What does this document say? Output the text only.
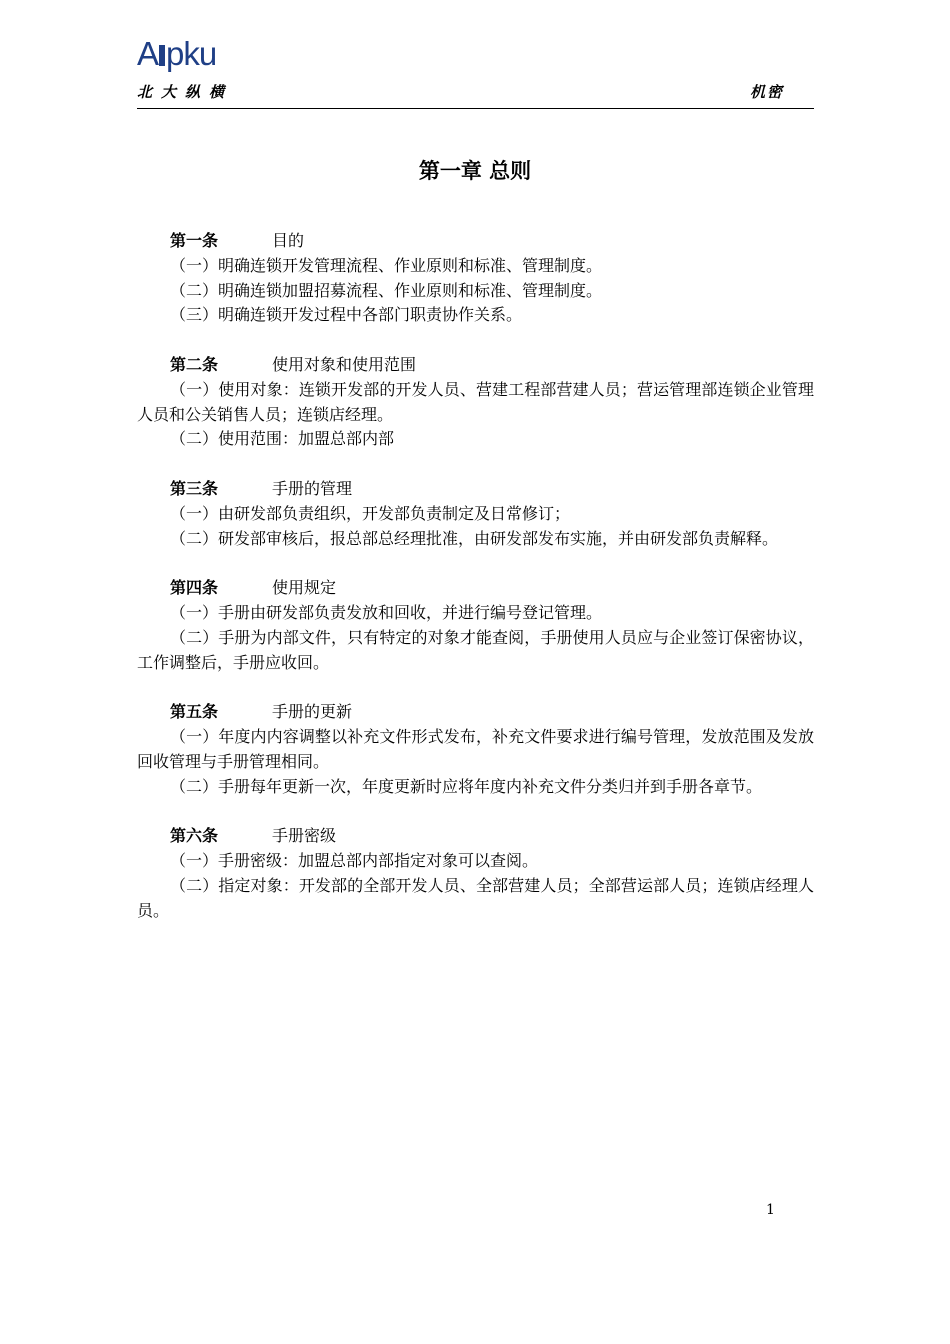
A pku
北大纵横	机密
第一章 总则
第一条	目的
（一）明确连锁开发管理流程、作业原则和标准、管理制度。
（二）明确连锁加盟招募流程、作业原则和标准、管理制度。
（三）明确连锁开发过程中各部门职责协作关系。
第二条	使用对象和使用范围
（一）使用对象：连锁开发部的开发人员、营建工程部营建人员；营运管理部连锁企业管理人员和公关销售人员；连锁店经理。
（二）使用范围：加盟总部内部
第三条	手册的管理
（一）由研发部负责组织，开发部负责制定及日常修订；
（二）研发部审核后，报总部总经理批准，由研发部发布实施，并由研发部负责解释。
第四条	使用规定
（一）手册由研发部负责发放和回收，并进行编号登记管理。
（二）手册为内部文件，只有特定的对象才能查阅，手册使用人员应与企业签订保密协议，工作调整后，手册应收回。
第五条	手册的更新
（一）年度内内容调整以补充文件形式发布，补充文件要求进行编号管理，发放范围及发放回收管理与手册管理相同。
（二）手册每年更新一次，年度更新时应将年度内补充文件分类归并到手册各章节。
第六条	手册密级
（一）手册密级：加盟总部内部指定对象可以查阅。
（二）指定对象：开发部的全部开发人员、全部营建人员；全部营运部人员；连锁店经理人员。
1
